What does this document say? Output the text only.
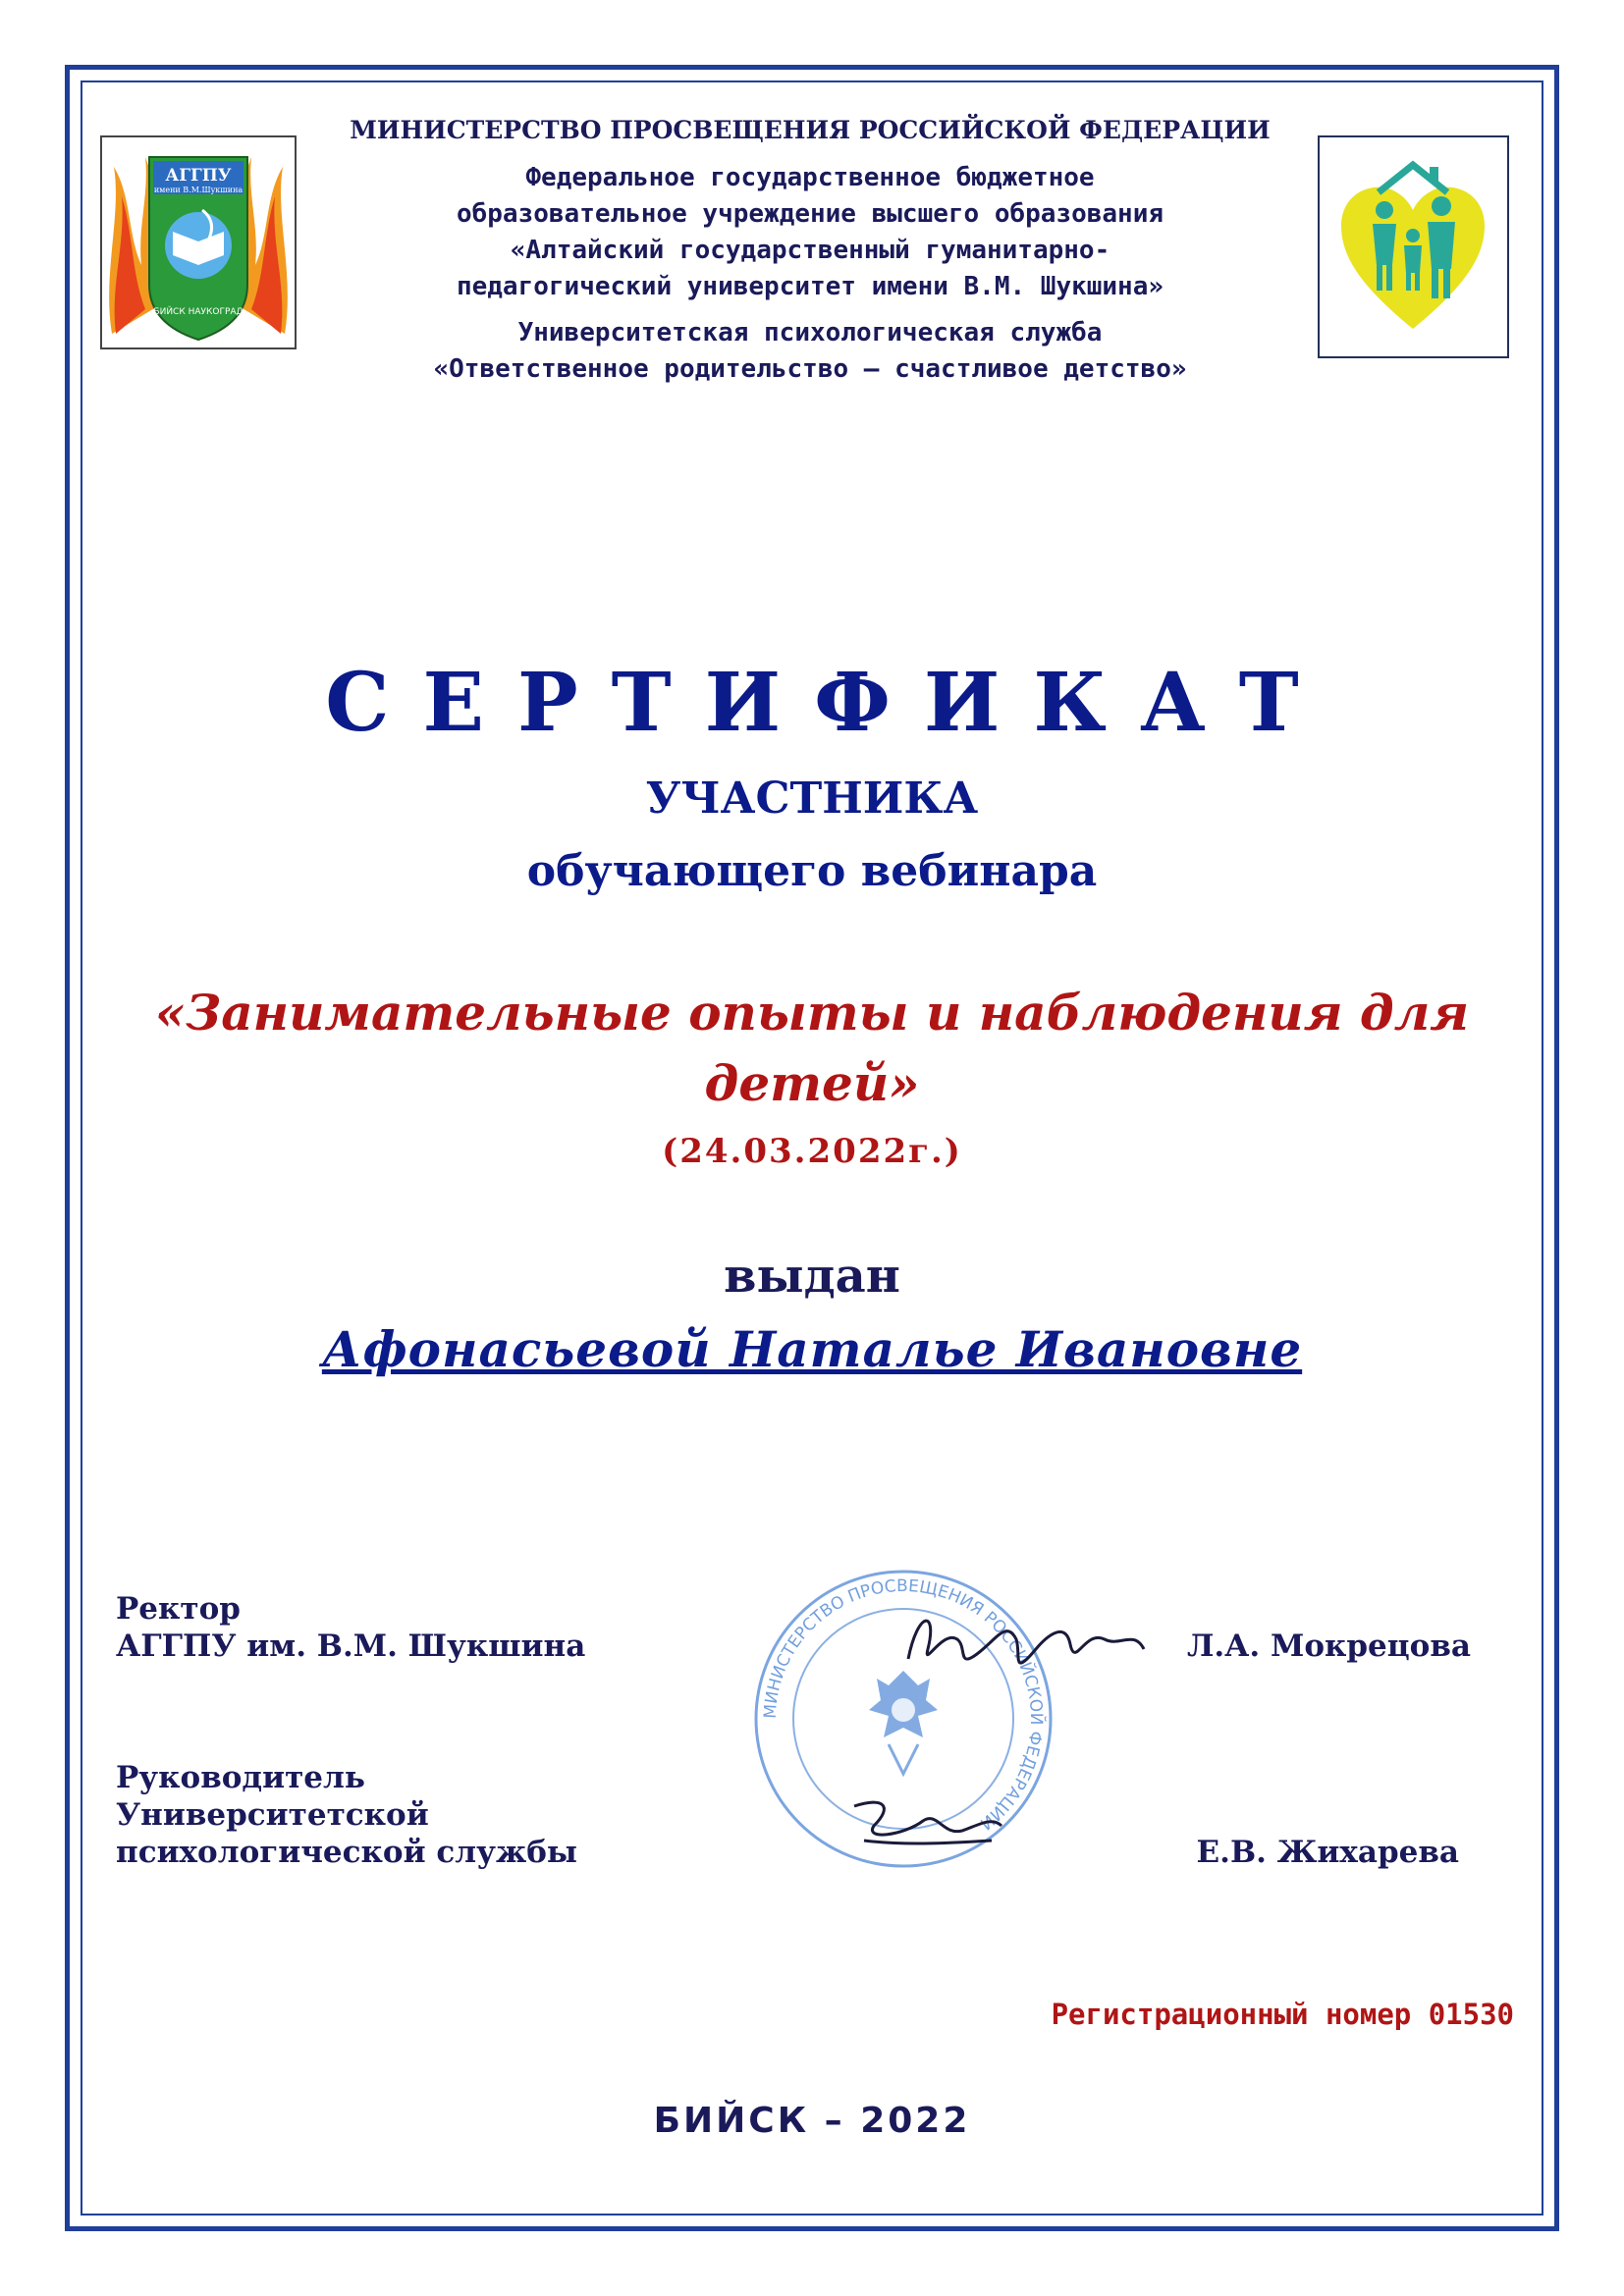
АГГПУ
имени В.М.Шукшина
БИЙСК НАУКОГРАД
МИНИСТЕРСТВО ПРОСВЕЩЕНИЯ РОССИЙСКОЙ ФЕДЕРАЦИИ
Федеральное государственное бюджетное
образовательное учреждение высшего образования
«Алтайский государственный гуманитарно-
педагогический университет имени В.М. Шукшина»
Университетская психологическая служба
«Ответственное родительство – счастливое детство»
СЕРТИФИКАТ
УЧАСТНИКА
обучающего вебинара
«Занимательные опыты и наблюдения для
детей»
(24.03.2022г.)
выдан
Афонасьевой Наталье Ивановне
МИНИСТЕРСТВО ПРОСВЕЩЕНИЯ РОССИЙСКОЙ ФЕДЕРАЦИИ
Ректор
АГГПУ им. В.М. Шукшина	Л.А. Мокрецова
Руководитель
Университетской
психологической службы	Е.В. Жихарева
Регистрационный номер 01530
БИЙСК – 2022
